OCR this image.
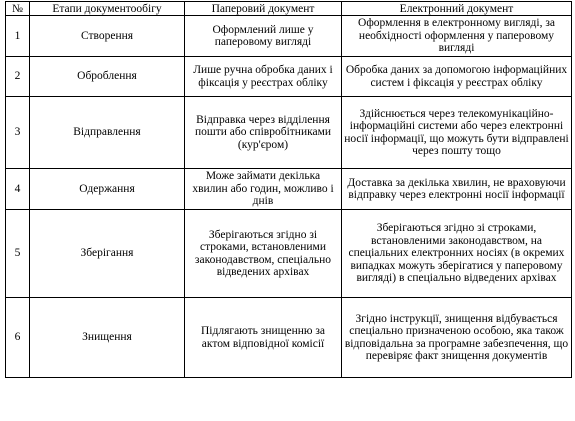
№	Етапи документообігу	Паперовий документ	Електронний документ
1	Створення	Оформлений лише у паперовому вигляді	Оформлення в електронному вигляді, за необхідності оформлення у паперовому вигляді
2	Оброблення	Лише ручна обробка даних і фіксація у реєстрах обліку	Обробка даних за допомогою інформаційних систем і фіксація у реєстрах обліку
3	Відправлення	Відправка через відділення пошти або співробітниками (кур'єром)	Здійснюється через телекомунікаційно-інформаційні системи або через електронні носії інформації, що можуть бути відправлені через пошту тощо
4	Одержання	Може займати декілька хвилин або годин, можливо і днів	Доставка за декілька хвилин, не враховуючи відправку через електронні носії інформації
5	Зберігання	Зберігаються згідно зі строками, встановленими законодавством, спеціально відведених архівах	Зберігаються згідно зі строками, встановленими законодавством, на спеціальних електронних носіях (в окремих випадках можуть зберігатися у паперовому вигляді) в спеціально відведених архівах
6	Знищення	Підлягають знищенню за актом відповідної комісії	Згідно інструкції, знищення відбувається спеціально призначеною особою, яка також відповідальна за програмне забезпечення, що перевіряє факт знищення документів
